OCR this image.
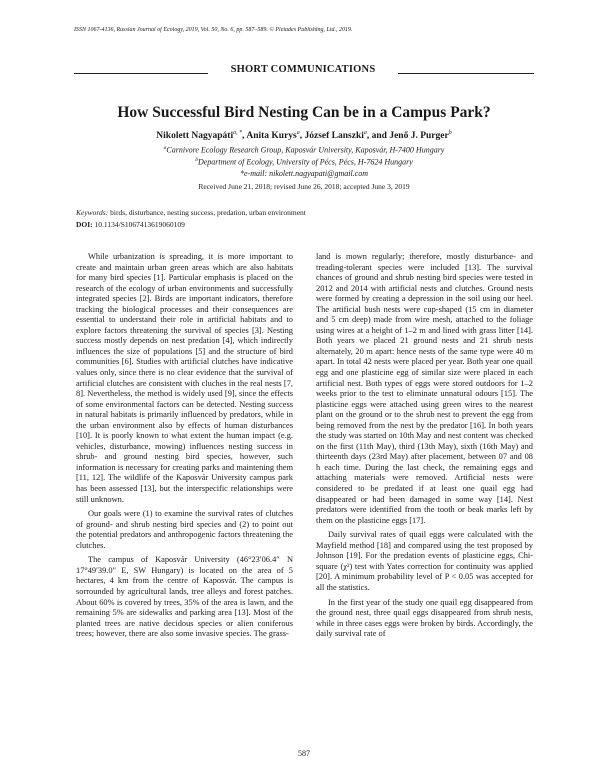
ISSN 1067-4136, Russian Journal of Ecology, 2019, Vol. 50, No. 6, pp. 587–589. © Pleiades Publishing, Ltd., 2019.
SHORT COMMUNICATIONS
How Successful Bird Nesting Can be in a Campus Park?
Nikolett Nagyapáti$^{a, *}$, Anita Kurys$^a$, József Lanszki$^a$, and Jenő J. Purger$^b$
$^a$Carnivore Ecology Research Group, Kaposvár University, Kaposvár, H-7400 Hungary
$^b$Department of Ecology, University of Pécs, Pécs, H-7624 Hungary
*e-mail: nikolett.nagyapati@gmail.com
Received June 21, 2018; revised June 26, 2018; accepted June 3, 2019
Keywords: birds, disturbance, nesting success, predation, urban environment
DOI: 10.1134/S1067413619060109

While urbanization is spreading, it is more important to create and maintain urban green areas which are also habitats for many bird species [1]. Particular emphasis is placed on the research of the ecology of urban environments and successfully integrated species [2]. Birds are important indicators, therefore tracking the biological processes and their consequences are essential to understand their role in artificial habitats and to explore factors threatening the survival of species [3]. Nesting success mostly depends on nest predation [4], which indirectly influences the size of populations [5] and the structure of bird communities [6]. Studies with artificial clutches have indicative values only, since there is no clear evidence that the survival of artificial clutches are consistent with cluches in the real nests [7, 8]. Nevertheless, the method is widely used [9], since the effects of some environmental factors can be detected. Nesting success in natural habitats is primarily influenced by predators, while in the urban environment also by effects of human disturbances [10]. It is poorly known to what extent the human impact (e.g. vehicles, disturbance, mowing) influences nesting success in shrub- and ground nesting bird species, however, such information is necessary for creating parks and maintening them [11, 12]. The wildlife of the Kaposvár University campus park has been assessed [13], but the interspecific relationships were still unknown.

Our goals were (1) to examine the survival rates of clutches of ground- and shrub nesting bird species and (2) to point out the potential predators and anthropogenic factors threatening the clutches.

The campus of Kaposvár University (46°23′06.4″ N 17°49′39.0″ E, SW Hungary) is located on the area of 5 hectares, 4 km from the centre of Kaposvár. The campus is sorrounded by agricultural lands, tree alleys and forest patches. About 60% is covered by trees, 35% of the area is lawn, and the remaining 5% are sidewalks and parking area [13]. Most of the planted trees are native decidous species or alien coniferous trees; however, there are also some invasive species. The grass-

land is mown regularly; therefore, mostly disturbance- and treading-tolerant species were included [13]. The survival chances of ground and shrub nesting bird species were tested in 2012 and 2014 with artificial nests and clutches. Ground nests were formed by creating a depression in the soil using our heel. The artificial bush nests were cup-shaped (15 cm in diameter and 5 cm deep) made from wire mesh, attached to the foliage using wires at a height of 1–2 m and lined with grass litter [14]. Both years we placed 21 ground nests and 21 shrub nests alternately, 20 m apart: hence nests of the same type were 40 m apart. In total 42 nests were placed per year. Both year one quail egg and one plasticine egg of similar size were placed in each artificial nest. Both types of eggs were stored outdoors for 1–2 weeks prior to the test to eliminate unnatural odours [15]. The plasticine eggs were attached using green wires to the nearest plant on the ground or to the shrub nest to prevent the egg from being removed from the nest by the predator [16]. In both years the study was started on 10th May and nest content was checked on the first (11th May), third (13th May), sixth (16th May) and thirteenth days (23rd May) after placement, between 07 and 08 h each time. During the last check, the remaining eggs and attaching materials were removed. Artificial nests were considered to be predated if at least one quail egg had disappeared or had been damaged in some way [14]. Nest predators were identified from the tooth or beak marks left by them on the plasticine eggs [17].

Daily survival rates of quail eggs were calculated with the Mayfield method [18] and compared using the test proposed by Johnson [19]. For the predation events of plasticine eggs, Chi-square (χ²) test with Yates correction for continuity was applied [20]. A minimum probability level of P < 0.05 was accepted for all the statistics.

In the first year of the study one quail egg disappeared from the ground nest, three quail eggs disappeared from shrub nests, while in three cases eggs were broken by birds. Accordingly, the daily survival rate of

587
